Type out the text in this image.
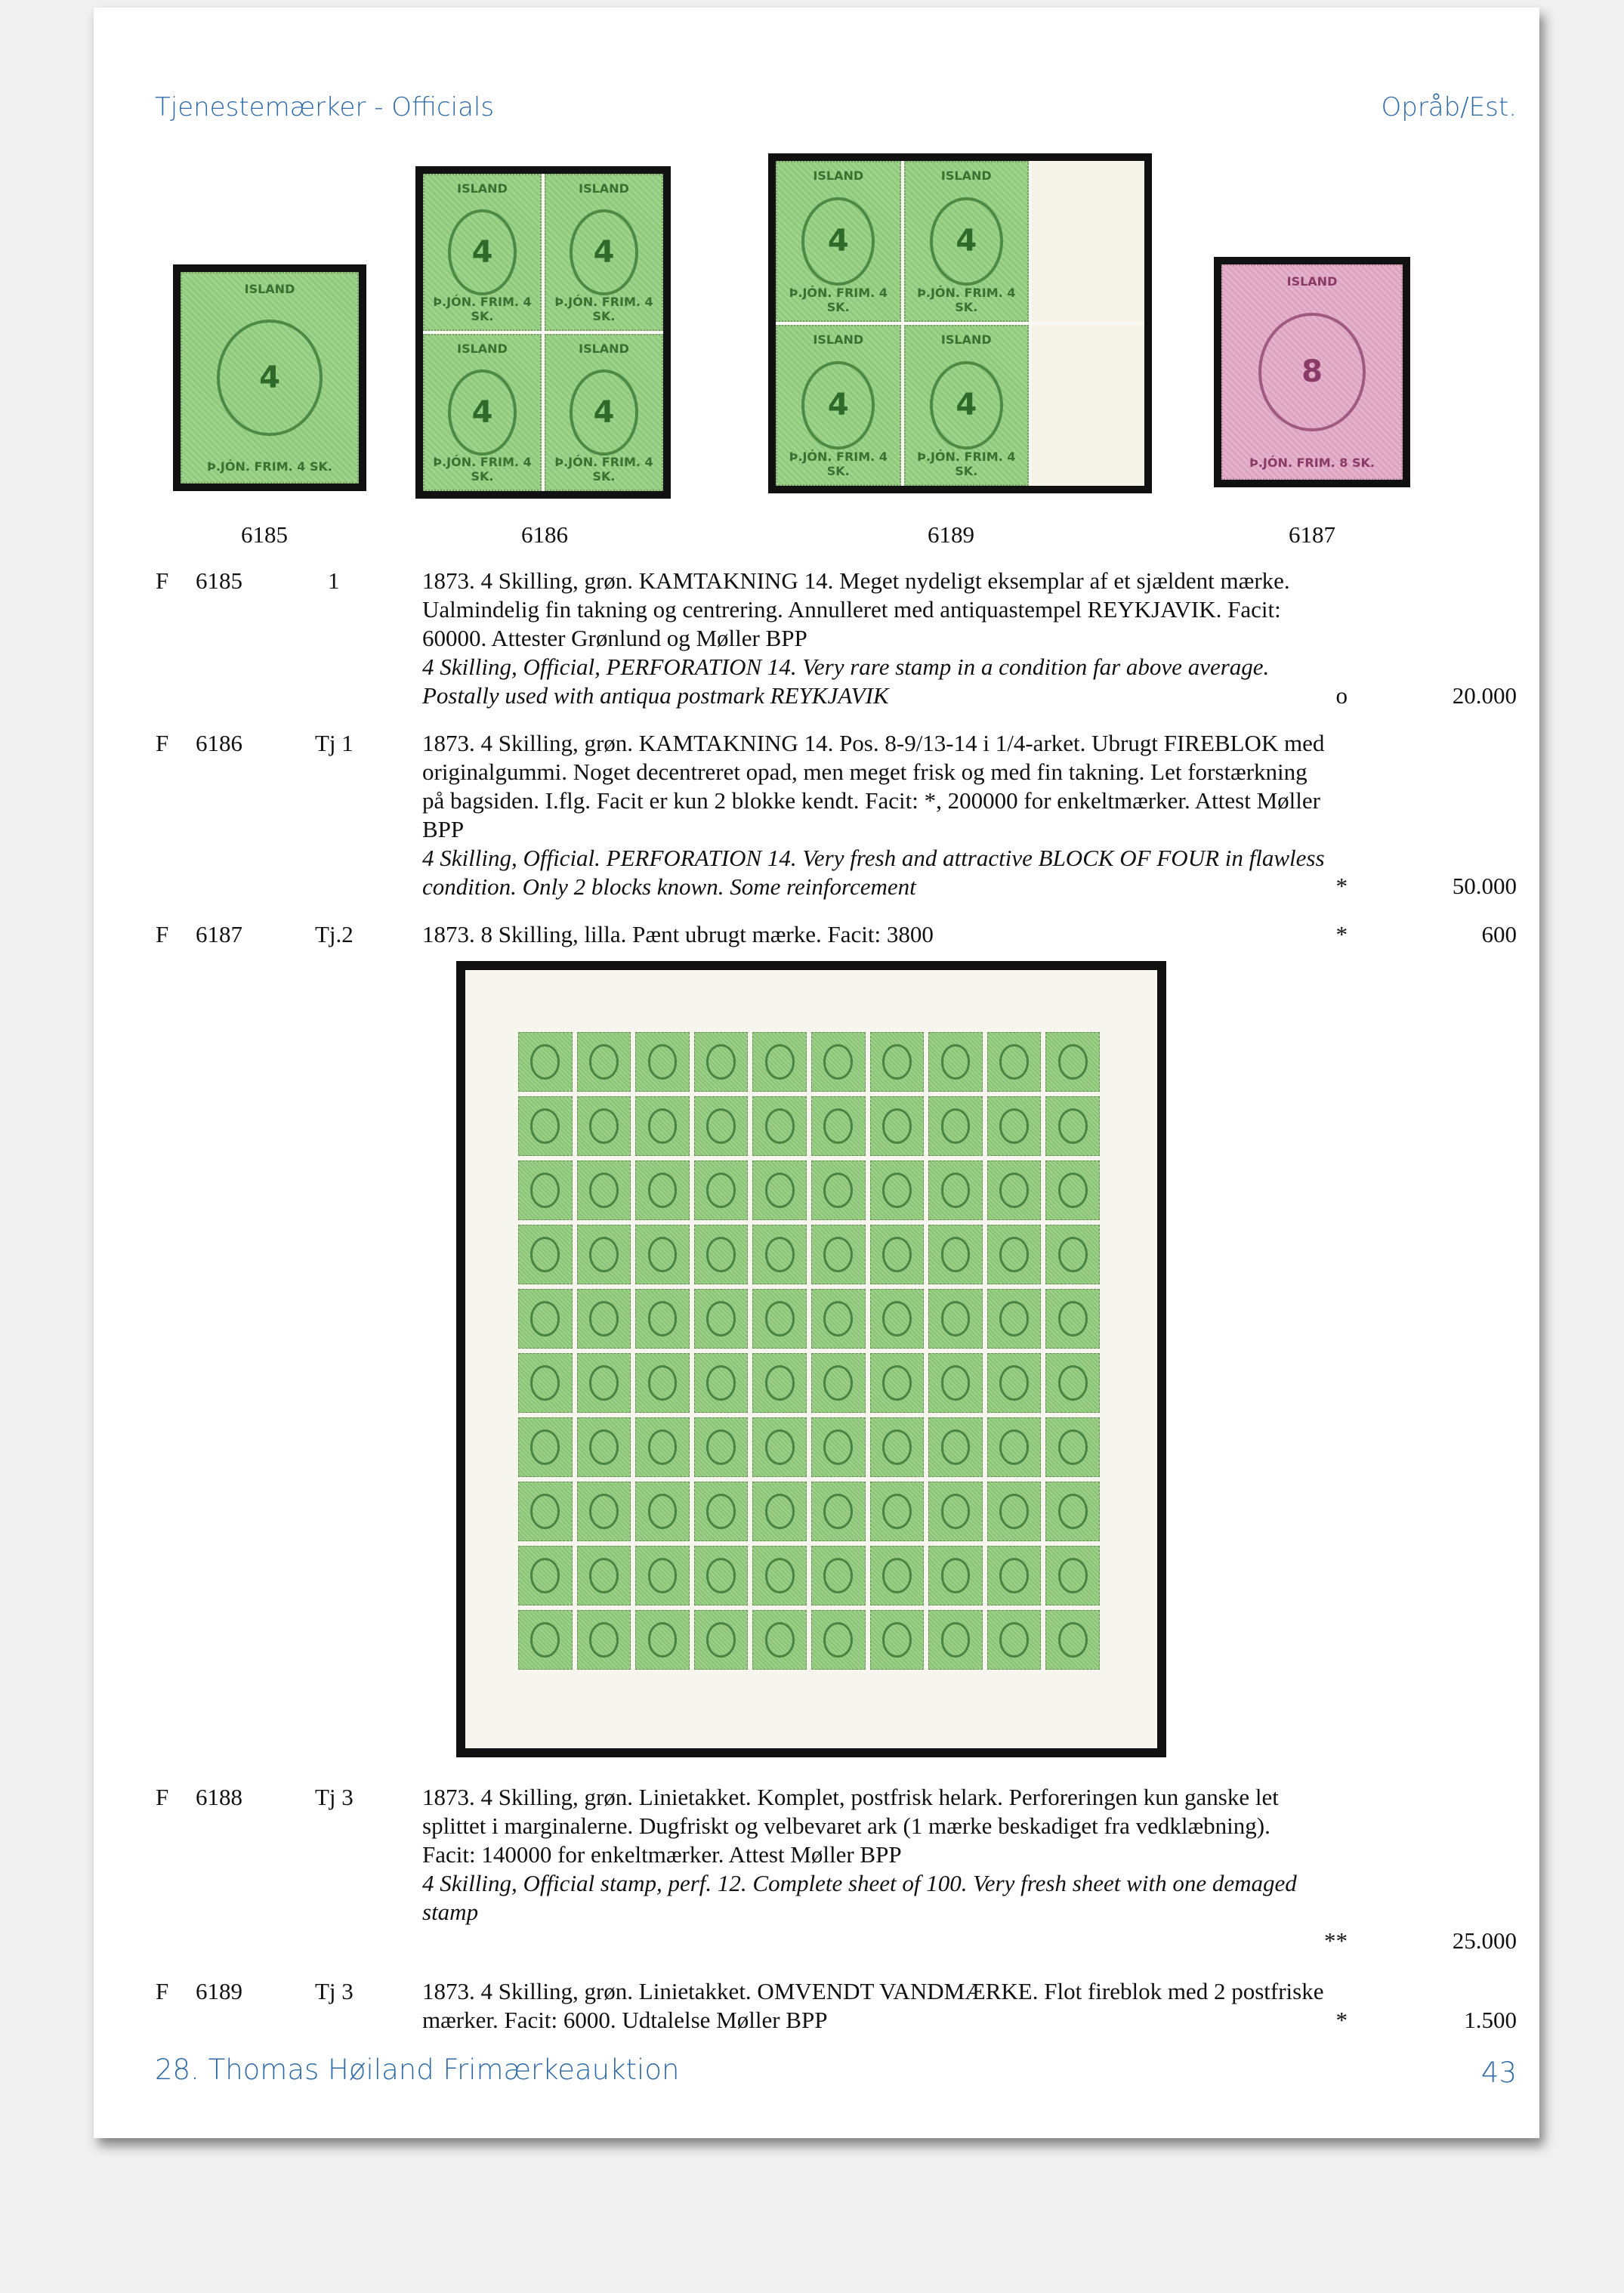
Tjenestemærker - Officials	Opråb/Est.
ISLAND
4
Þ.JÓN. FRIM. 4 SK.
ISLAND
4
Þ.JÓN. FRIM. 4 SK.
ISLAND
4
Þ.JÓN. FRIM. 4 SK.
ISLAND
4
Þ.JÓN. FRIM. 4 SK.
ISLAND
4
Þ.JÓN. FRIM. 4 SK.
ISLAND
4
Þ.JÓN. FRIM. 4 SK.
ISLAND
4
Þ.JÓN. FRIM. 4 SK.
ISLAND
4
Þ.JÓN. FRIM. 4 SK.
ISLAND
4
Þ.JÓN. FRIM. 4 SK.
ISLAND
8
Þ.JÓN. FRIM. 8 SK.
6185	6186	6189	6187
F 6185	1	1873. 4 Skilling, grøn. KAMTAKNING 14. Meget nydeligt eksemplar af et sjældent mærke. Ualmindelig fin takning og centrering. Annulleret med antiquastempel REYKJAVIK. Facit: 60000. Attester Grønlund og Møller BPP
4 Skilling, Official, PERFORATION 14. Very rare stamp in a condition far above average. Postally used with antiqua postmark REYKJAVIK	o	20.000
F 6186	Tj 1	1873. 4 Skilling, grøn. KAMTAKNING 14. Pos. 8-9/13-14 i 1/4-arket. Ubrugt FIREBLOK med originalgummi. Noget decentreret opad, men meget frisk og med fin takning. Let forstærkning på bagsiden. I.flg. Facit er kun 2 blokke kendt. Facit: *, 200000 for enkeltmærker. Attest Møller BPP
4 Skilling, Official. PERFORATION 14. Very fresh and attractive BLOCK OF FOUR in flawless condition. Only 2 blocks known. Some reinforcement	*	50.000
F 6187	Tj.2	1873. 8 Skilling, lilla. Pænt ubrugt mærke. Facit: 3800	*	600
F 6188	Tj 3	1873. 4 Skilling, grøn. Linietakket. Komplet, postfrisk helark. Perforeringen kun ganske let splittet i marginalerne. Dugfriskt og velbevaret ark (1 mærke beskadiget fra vedklæbning). Facit: 140000 for enkeltmærker. Attest Møller BPP
4 Skilling, Official stamp, perf. 12. Complete sheet of 100. Very fresh sheet with one demaged stamp
**	25.000
F 6189	Tj 3	1873. 4 Skilling, grøn. Linietakket. OMVENDT VANDMÆRKE. Flot fireblok med 2 postfriske mærker. Facit: 6000. Udtalelse Møller BPP	*	1.500
28. Thomas Høiland Frimærkeauktion	43
